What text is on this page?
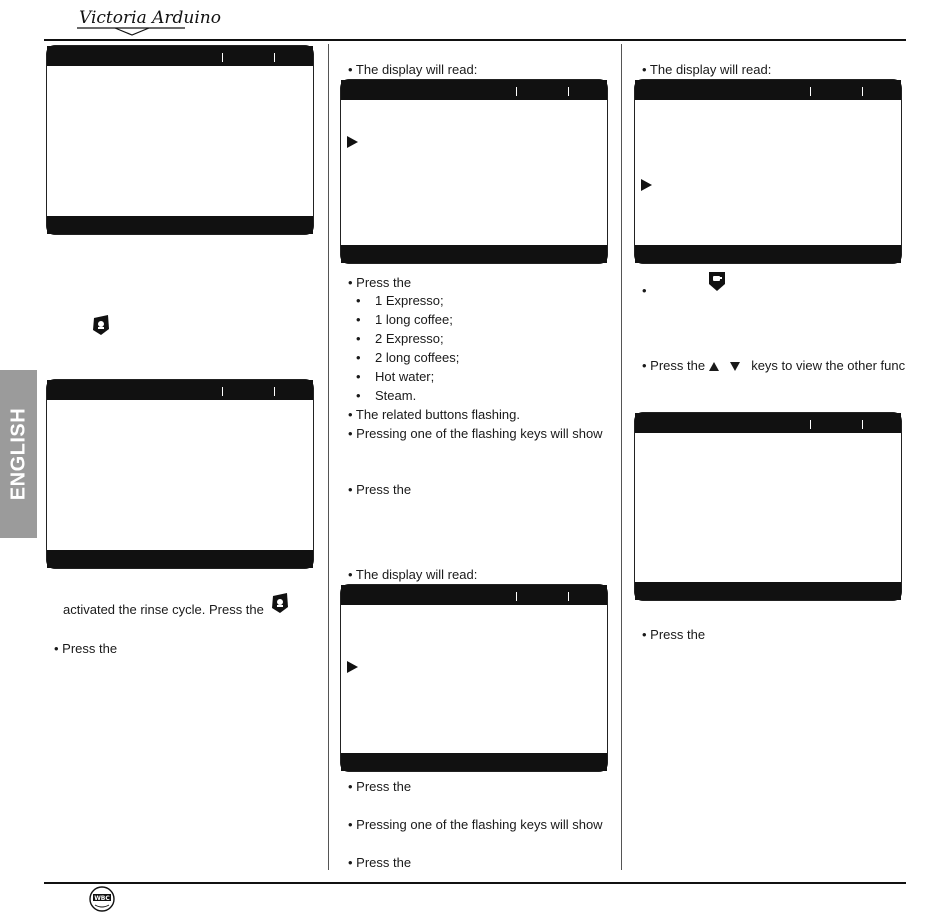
Victoria Arduino
ENGLISH
activated the rinse cycle. Press the
• Press the
• The display will read:
• Press the
• 1 Expresso;
• 1 long coffee;
• 2 Expresso;
• 2 long coffees;
• Hot water;
• Steam.
• The related buttons flashing.
• Pressing one of the flashing keys will show
• Press the
• The display will read:
• Press the
• Pressing one of the flashing keys will show
• Press the
• The display will read:
•
• Press the	keys to view the other func
• Press the
WBC
